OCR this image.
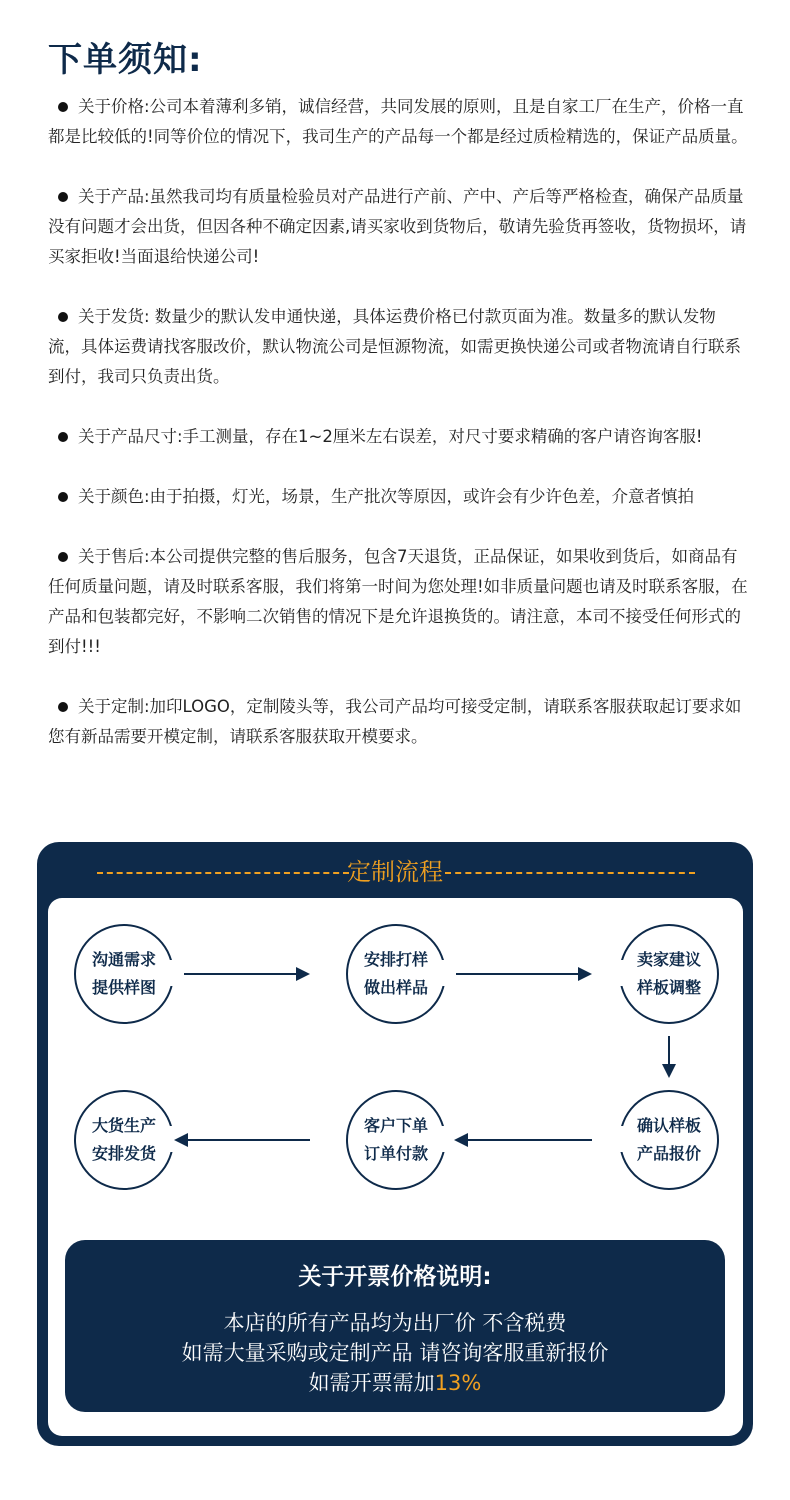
下单须知:

关于价格:公司本着薄利多销，诚信经营，共同发展的原则，且是自家工厂在生产，价格一直都是比较低的!同等价位的情况下，我司生产的产品每一个都是经过质检精选的，保证产品质量。

关于产品:虽然我司均有质量检验员对产品进行产前、产中、产后等严格检查，确保产品质量没有问题才会出货，但因各种不确定因素,请买家收到货物后，敬请先验货再签收，货物损坏，请买家拒收!当面退给快递公司!

关于发货: 数量少的默认发申通快递，具体运费价格已付款页面为准。数量多的默认发物流，具体运费请找客服改价，默认物流公司是恒源物流，如需更换快递公司或者物流请自行联系到付，我司只负责出货。

关于产品尺寸:手工测量，存在1~2厘米左右误差，对尺寸要求精确的客户请咨询客服!

关于颜色:由于拍摄，灯光，场景，生产批次等原因，或许会有少许色差，介意者慎拍

关于售后:本公司提供完整的售后服务，包含7天退货，正品保证，如果收到货后，如商品有任何质量问题，请及时联系客服，我们将第一时间为您处理!如非质量问题也请及时联系客服，在产品和包装都完好，不影响二次销售的情况下是允许退换货的。请注意，本司不接受任何形式的到付!!!

关于定制:加印LOGO，定制陵头等，我公司产品均可接受定制，请联系客服获取起订要求如您有新品需要开模定制，请联系客服获取开模要求。

定制流程
沟通需求
提供样图
安排打样
做出样品
卖家建议
样板调整
大货生产
安排发货
客户下单
订单付款
确认样板
产品报价
关于开票价格说明:
本店的所有产品均为出厂价 不含税费
如需大量采购或定制产品 请咨询客服重新报价
如需开票需加13%
